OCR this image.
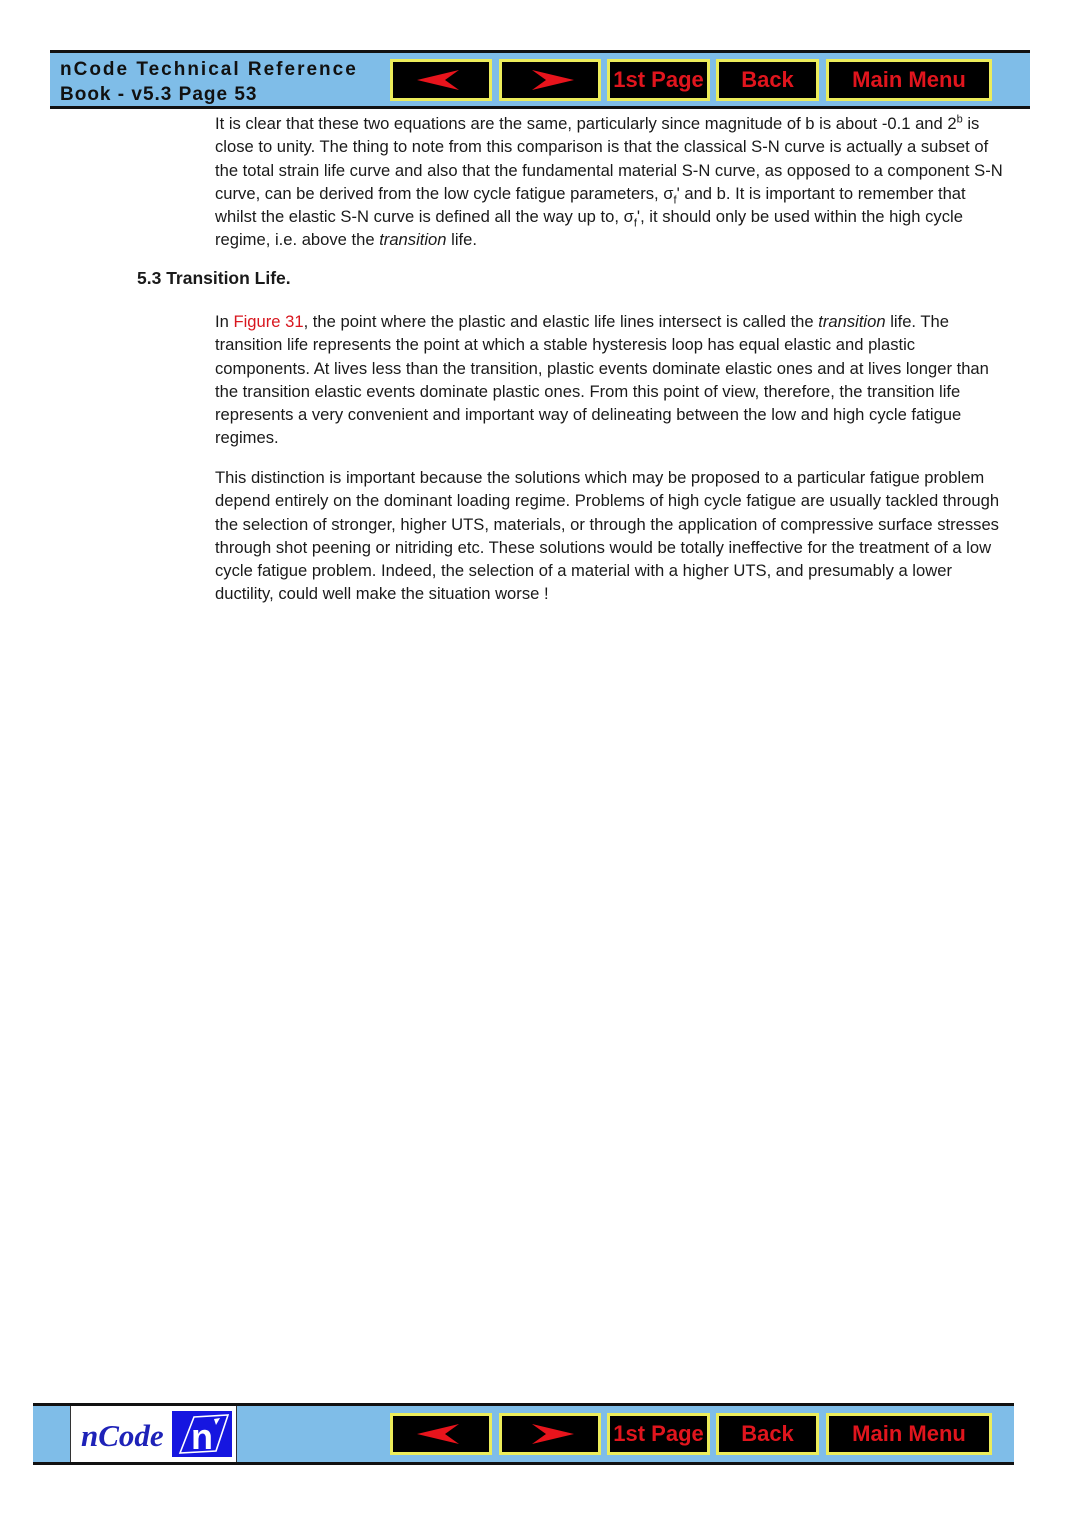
nCode Technical Reference
Book - v5.3 Page 53
1st Page	Back	Main Menu

It is clear that these two equations are the same, particularly since magnitude of b is about -0.1 and 2$^b$ is close to unity. The thing to note from this comparison is that the classical S-N curve is actually a subset of the total strain life curve and also that the fundamental material S-N curve, as opposed to a component S-N curve, can be derived from the low cycle fatigue parameters, $\sigma_f'$ and b. It is important to remember that whilst the elastic S-N curve is defined all the way up to, $\sigma_f'$, it should only be used within the high cycle regime, i.e. above the transition life.

5.3 Transition Life.

In Figure 31, the point where the plastic and elastic life lines intersect is called the transition life. The transition life represents the point at which a stable hysteresis loop has equal elastic and plastic components. At lives less than the transition, plastic events dominate elastic ones and at lives longer than the transition elastic events dominate plastic ones. From this point of view, therefore, the transition life represents a very convenient and important way of delineating between the low and high cycle fatigue regimes.

This distinction is important because the solutions which may be proposed to a particular fatigue problem depend entirely on the dominant loading regime. Problems of high cycle fatigue are usually tackled through the selection of stronger, higher UTS, materials, or through the application of compressive surface stresses through shot peening or nitriding etc. These solutions would be totally ineffective for the treatment of a low cycle fatigue problem. Indeed, the selection of a material with a higher UTS, and presumably a lower ductility, could well make the situation worse !

nCode n	1st Page	Back	Main Menu
